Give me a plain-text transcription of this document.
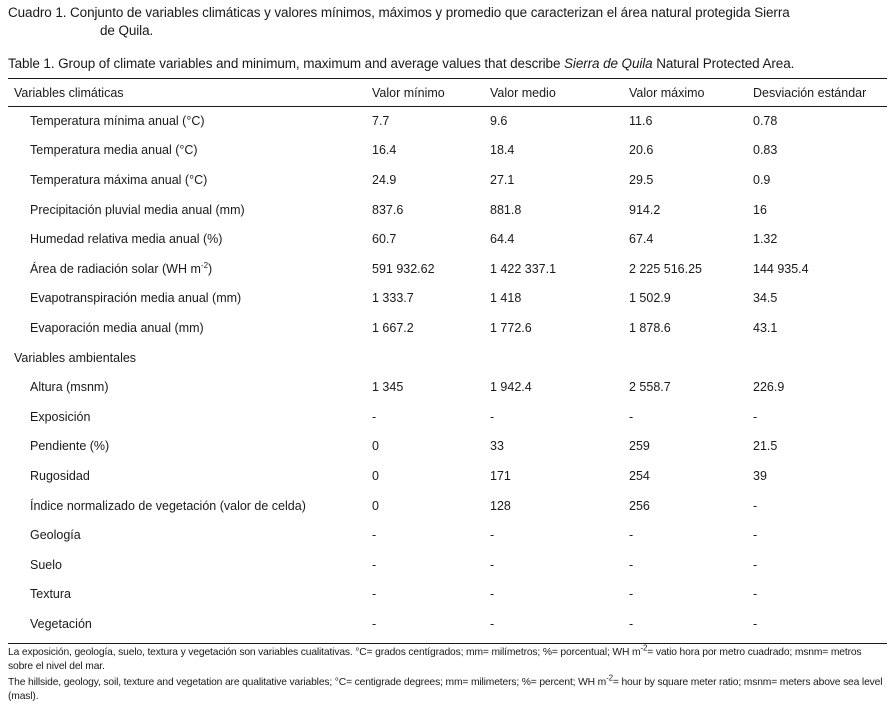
Cuadro 1. Conjunto de variables climáticas y valores mínimos, máximos y promedio que caracterizan el área natural protegida Sierra
de Quila.
Table 1. Group of climate variables and minimum, maximum and average values that describe Sierra de Quila Natural Protected Area.
Variables climáticas	Valor mínimo	Valor medio	Valor máximo	Desviación estándar
Temperatura mínima anual (°C)	7.7	9.6	11.6	0.78
Temperatura media anual (°C)	16.4	18.4	20.6	0.83
Temperatura máxima anual (°C)	24.9	27.1	29.5	0.9
Precipitación pluvial media anual (mm)	837.6	881.8	914.2	16
Humedad relativa media anual (%)	60.7	64.4	67.4	1.32
Área de radiación solar (WH $m^{-2}$)	591 932.62	1 422 337.1	2 225 516.25	144 935.4
Evapotranspiración media anual (mm)	1 333.7	1 418	1 502.9	34.5
Evaporación media anual (mm)	1 667.2	1 772.6	1 878.6	43.1
Variables ambientales				
Altura (msnm)	1 345	1 942.4	2 558.7	226.9
Exposición	-	-	-	-
Pendiente (%)	0	33	259	21.5
Rugosidad	0	171	254	39
Índice normalizado de vegetación (valor de celda)	0	128	256	-
Geología	-	-	-	-
Suelo	-	-	-	-
Textura	-	-	-	-
Vegetación	-	-	-	-

La exposición, geología, suelo, textura y vegetación son variables cualitativas. °C= grados centígrados; mm= milímetros; %= porcentual; WH $m^{-2}=$ vatio hora por metro cuadrado; msnm= metros sobre el nivel del mar.

The hillside, geology, soil, texture and vegetation are qualitative variables; °C= centigrade degrees; mm= milimeters; %= percent; WH $m^{-2}=$ hour by square meter ratio; msnm= meters above sea level (masl).
